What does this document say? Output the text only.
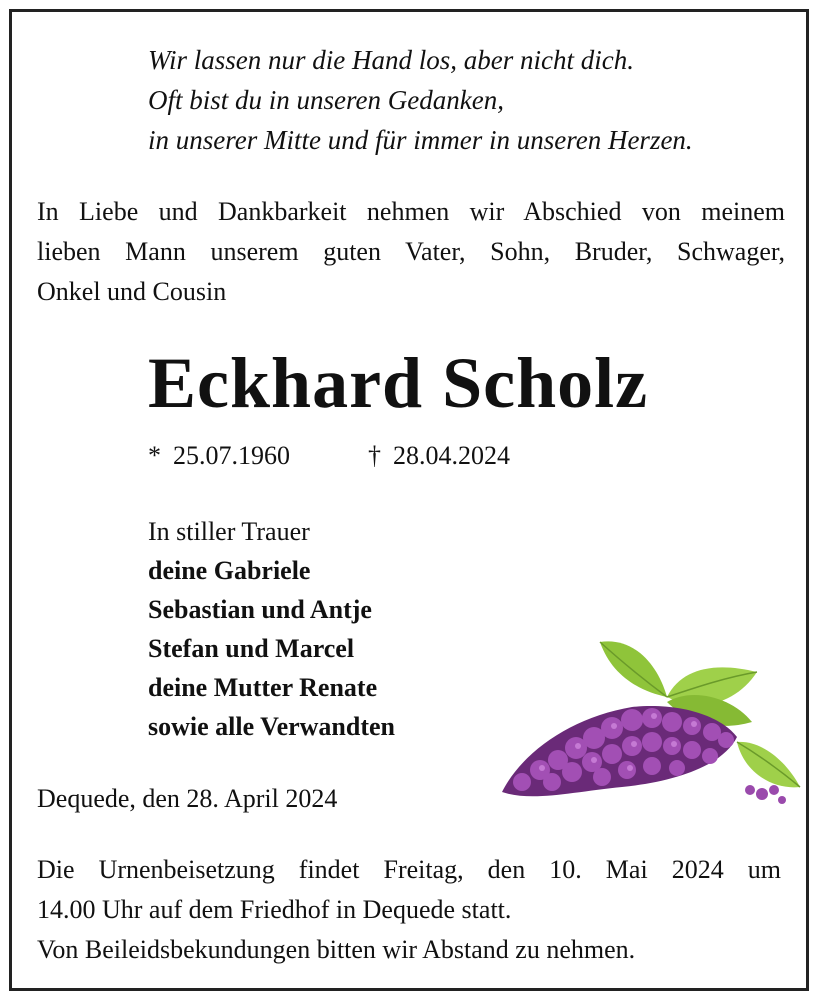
Wir lassen nur die Hand los, aber nicht dich.
Oft bist du in unseren Gedanken,
in unserer Mitte und für immer in unseren Herzen.
In Liebe und Dankbarkeit nehmen wir Abschied von meinem
lieben Mann unserem guten Vater, Sohn, Bruder, Schwager,
Onkel und Cousin
Eckhard Scholz
* 25.07.1960	† 28.04.2024
In stiller Trauer
deine Gabriele
Sebastian und Antje
Stefan und Marcel
deine Mutter Renate
sowie alle Verwandten
Dequede, den 28. April 2024
Die Urnenbeisetzung findet Freitag, den 10. Mai 2024 um
14.00 Uhr auf dem Friedhof in Dequede statt.
Von Beileidsbekundungen bitten wir Abstand zu nehmen.
